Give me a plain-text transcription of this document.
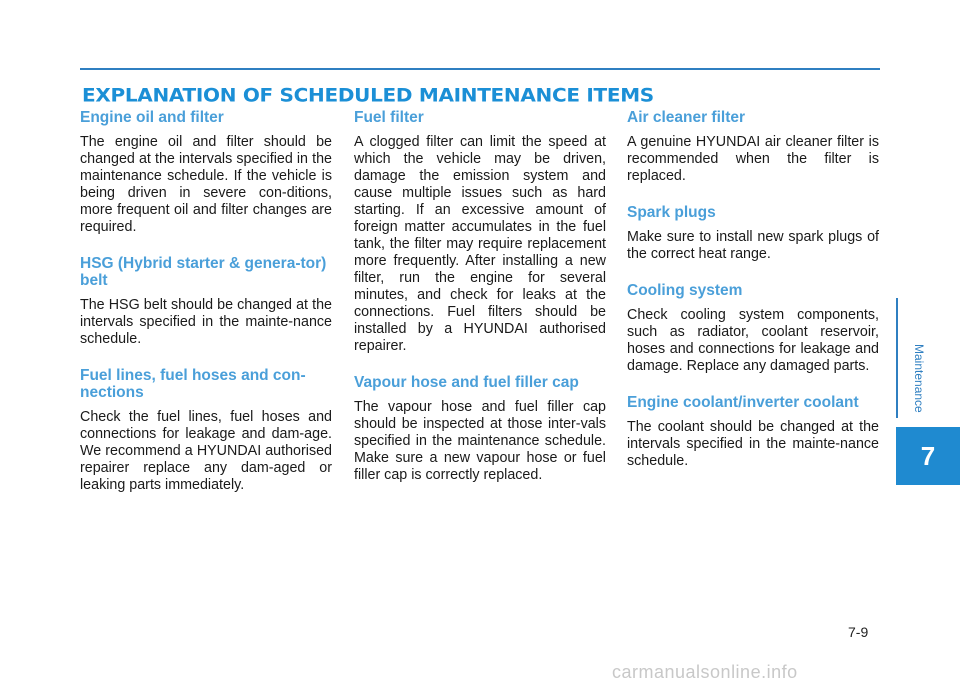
EXPLANATION OF SCHEDULED MAINTENANCE ITEMS
Engine oil and filter

The engine oil and filter should be changed at the intervals specified in the maintenance schedule. If the vehicle is being driven in severe con-ditions, more frequent oil and filter changes are required.

HSG (Hybrid starter & genera-tor) belt

The HSG belt should be changed at the intervals specified in the mainte-nance schedule.

Fuel lines, fuel hoses and con-nections

Check the fuel lines, fuel hoses and connections for leakage and dam-age. We recommend a HYUNDAI authorised repairer replace any dam-aged or leaking parts immediately.

Fuel filter

A clogged filter can limit the speed at which the vehicle may be driven, damage the emission system and cause multiple issues such as hard starting. If an excessive amount of foreign matter accumulates in the fuel tank, the filter may require replacement more frequently. After installing a new filter, run the engine for several minutes, and check for leaks at the connections. Fuel filters should be installed by a HYUNDAI authorised repairer.

Vapour hose and fuel filler cap

The vapour hose and fuel filler cap should be inspected at those inter-vals specified in the maintenance schedule. Make sure a new vapour hose or fuel filler cap is correctly replaced.

Air cleaner filter

A genuine HYUNDAI air cleaner filter is recommended when the filter is replaced.

Spark plugs

Make sure to install new spark plugs of the correct heat range.

Cooling system

Check cooling system components, such as radiator, coolant reservoir, hoses and connections for leakage and damage. Replace any damaged parts.

Engine coolant/inverter coolant

The coolant should be changed at the intervals specified in the mainte-nance schedule.

Maintenance
7
7-9
carmanualsonline.info
